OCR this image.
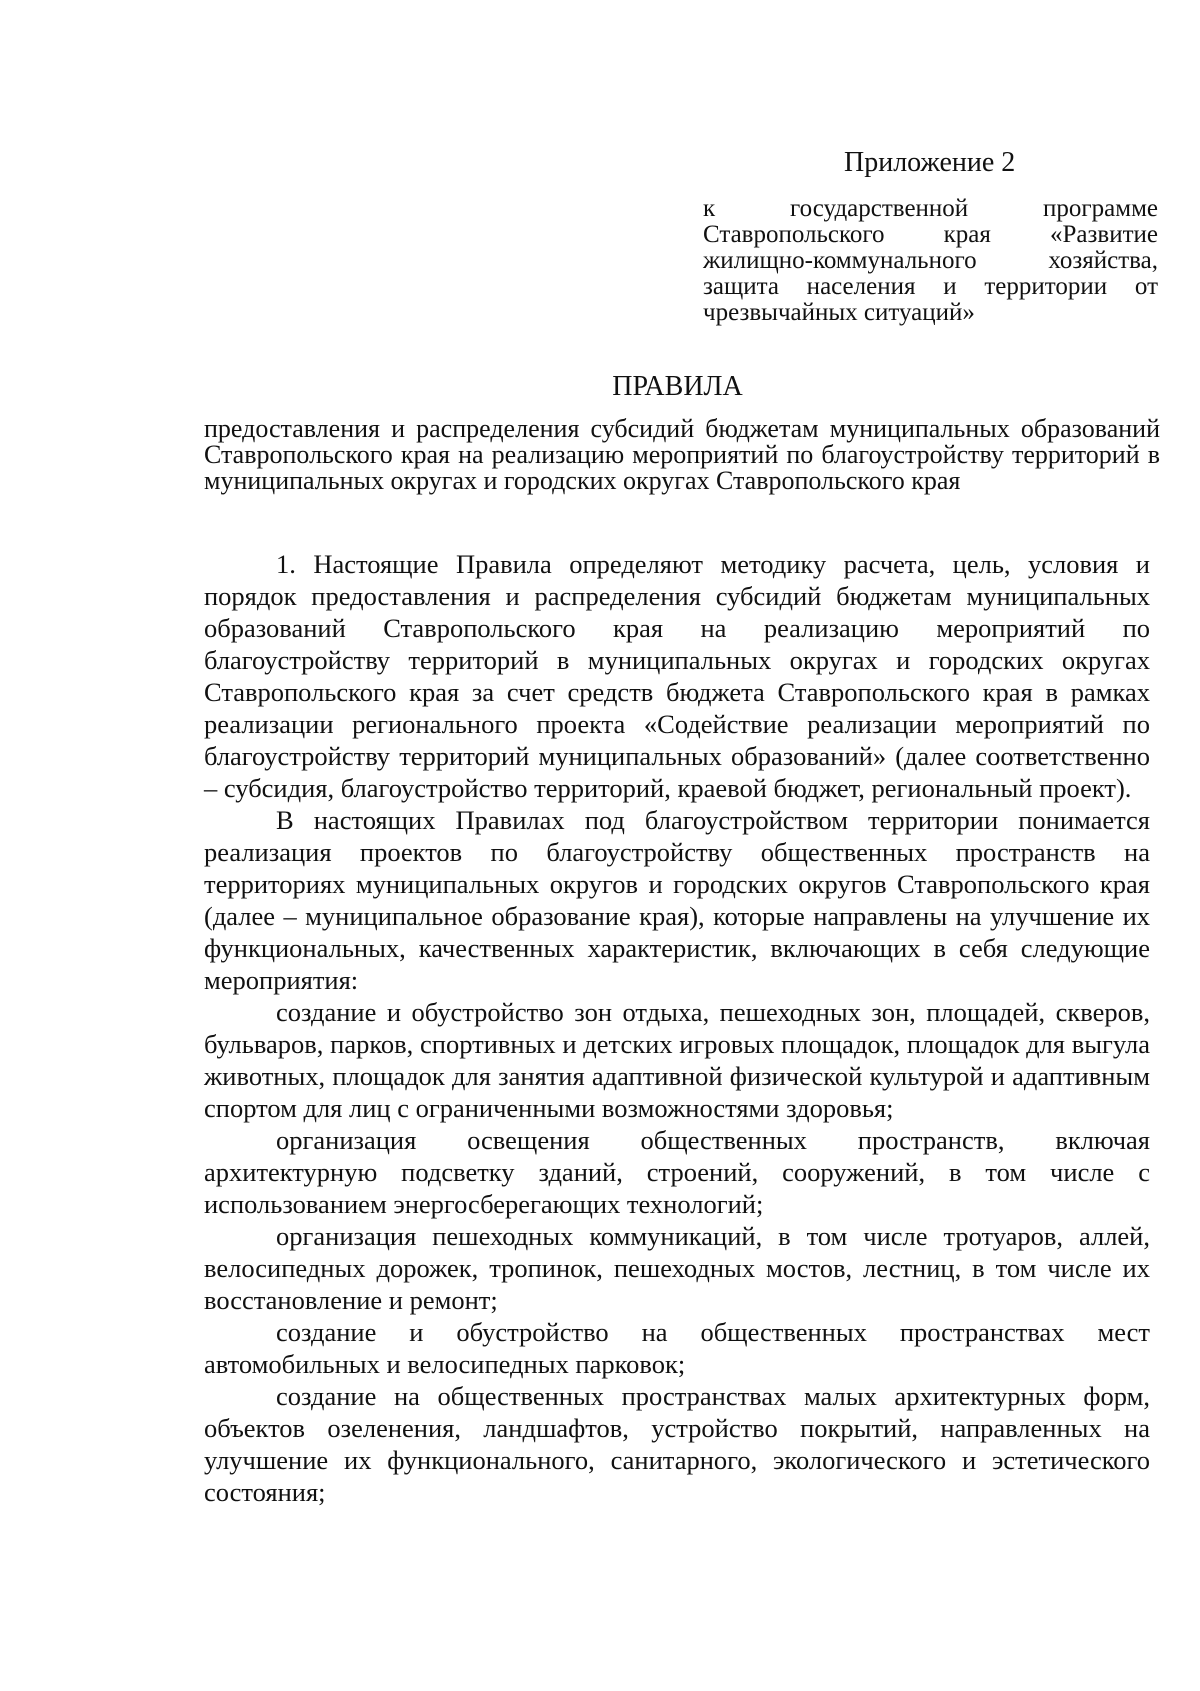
Приложение 2
к государственной программе Ставропольского края «Развитие жилищно-коммунального хозяйства, защита населения и территории от чрезвычайных ситуаций»
ПРАВИЛА
предоставления и распределения субсидий бюджетам муниципальных образований Ставропольского края на реализацию мероприятий по благоустройству территорий в муниципальных округах и городских округах Ставропольского края

1. Настоящие Правила определяют методику расчета, цель, условия и порядок предоставления и распределения субсидий бюджетам муниципальных образований Ставропольского края на реализацию мероприятий по благоустройству территорий в муниципальных округах и городских округах Ставропольского края за счет средств бюджета Ставропольского края в рамках реализации регионального проекта «Содействие реализации мероприятий по благоустройству территорий муниципальных образований» (далее соответственно – субсидия, благоустройство территорий, краевой бюджет, региональный проект).

В настоящих Правилах под благоустройством территории понимается реализация проектов по благоустройству общественных пространств на территориях муниципальных округов и городских округов Ставропольского края (далее – муниципальное образование края), которые направлены на улучшение их функциональных, качественных характеристик, включающих в себя следующие мероприятия:

создание и обустройство зон отдыха, пешеходных зон, площадей, скверов, бульваров, парков, спортивных и детских игровых площадок, площадок для выгула животных, площадок для занятия адаптивной физической культурой и адаптивным спортом для лиц с ограниченными возможностями здоровья;

организация освещения общественных пространств, включая архитектурную подсветку зданий, строений, сооружений, в том числе с использованием энергосберегающих технологий;

организация пешеходных коммуникаций, в том числе тротуаров, аллей, велосипедных дорожек, тропинок, пешеходных мостов, лестниц, в том числе их восстановление и ремонт;

создание и обустройство на общественных пространствах мест автомобильных и велосипедных парковок;

создание на общественных пространствах малых архитектурных форм, объектов озеленения, ландшафтов, устройство покрытий, направленных на улучшение их функционального, санитарного, экологического и эстетического состояния;
